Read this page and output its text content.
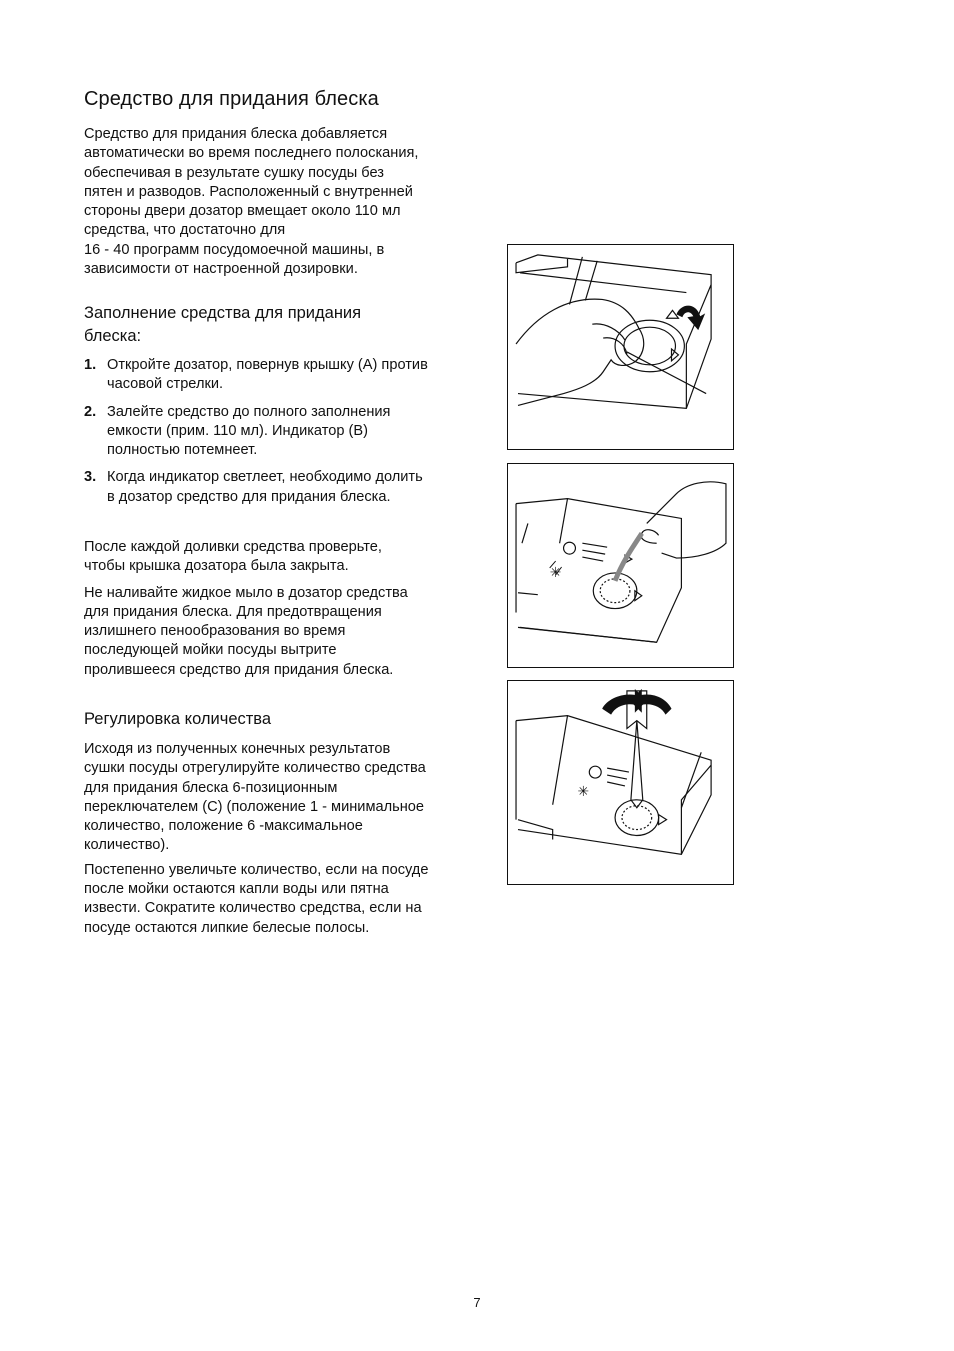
Средство для придания блеска

Средство для придания блеска добавляется
автоматически во время последнего полоскания,
обеспечивая в результате сушку посуды без
пятен и разводов. Расположенный с внутренней
стороны двери дозатор вмещает около 110 мл
средства, что достаточно для
16 - 40 программ посудомоечной машины, в
зависимости от настроенной дозировки.

Заполнение средства для придания
блеска:
1. Откройте дозатор, повернув крышку (A) против
часовой стрелки.
2. Залейте средство до полного заполнения
емкости (прим. 110 мл). Индикатор (B)
полностью потемнеет.
3. Когда индикатор светлеет, необходимо долить
в дозатор средство для придания блеска.

После каждой доливки средства проверьте,
чтобы крышка дозатора была закрыта.

Не наливайте жидкое мыло в дозатор средства
для придания блеска. Для предотвращения
излишнего пенообразования во время
последующей мойки посуды вытрите
пролившееся средство для придания блеска.

Регулировка количества

Исходя из полученных конечных результатов
сушки посуды отрегулируйте количество средства
для придания блеска 6-позиционным
переключателем (C) (положение 1 - минимальное
количество, положение 6 -максимальное
количество).

Постепенно увеличьте количество, если на посуде
после мойки остаются капли воды или пятна
извести. Сократите количество средства, если на
посуде остаются липкие белесые полосы.

✳
✳
7
